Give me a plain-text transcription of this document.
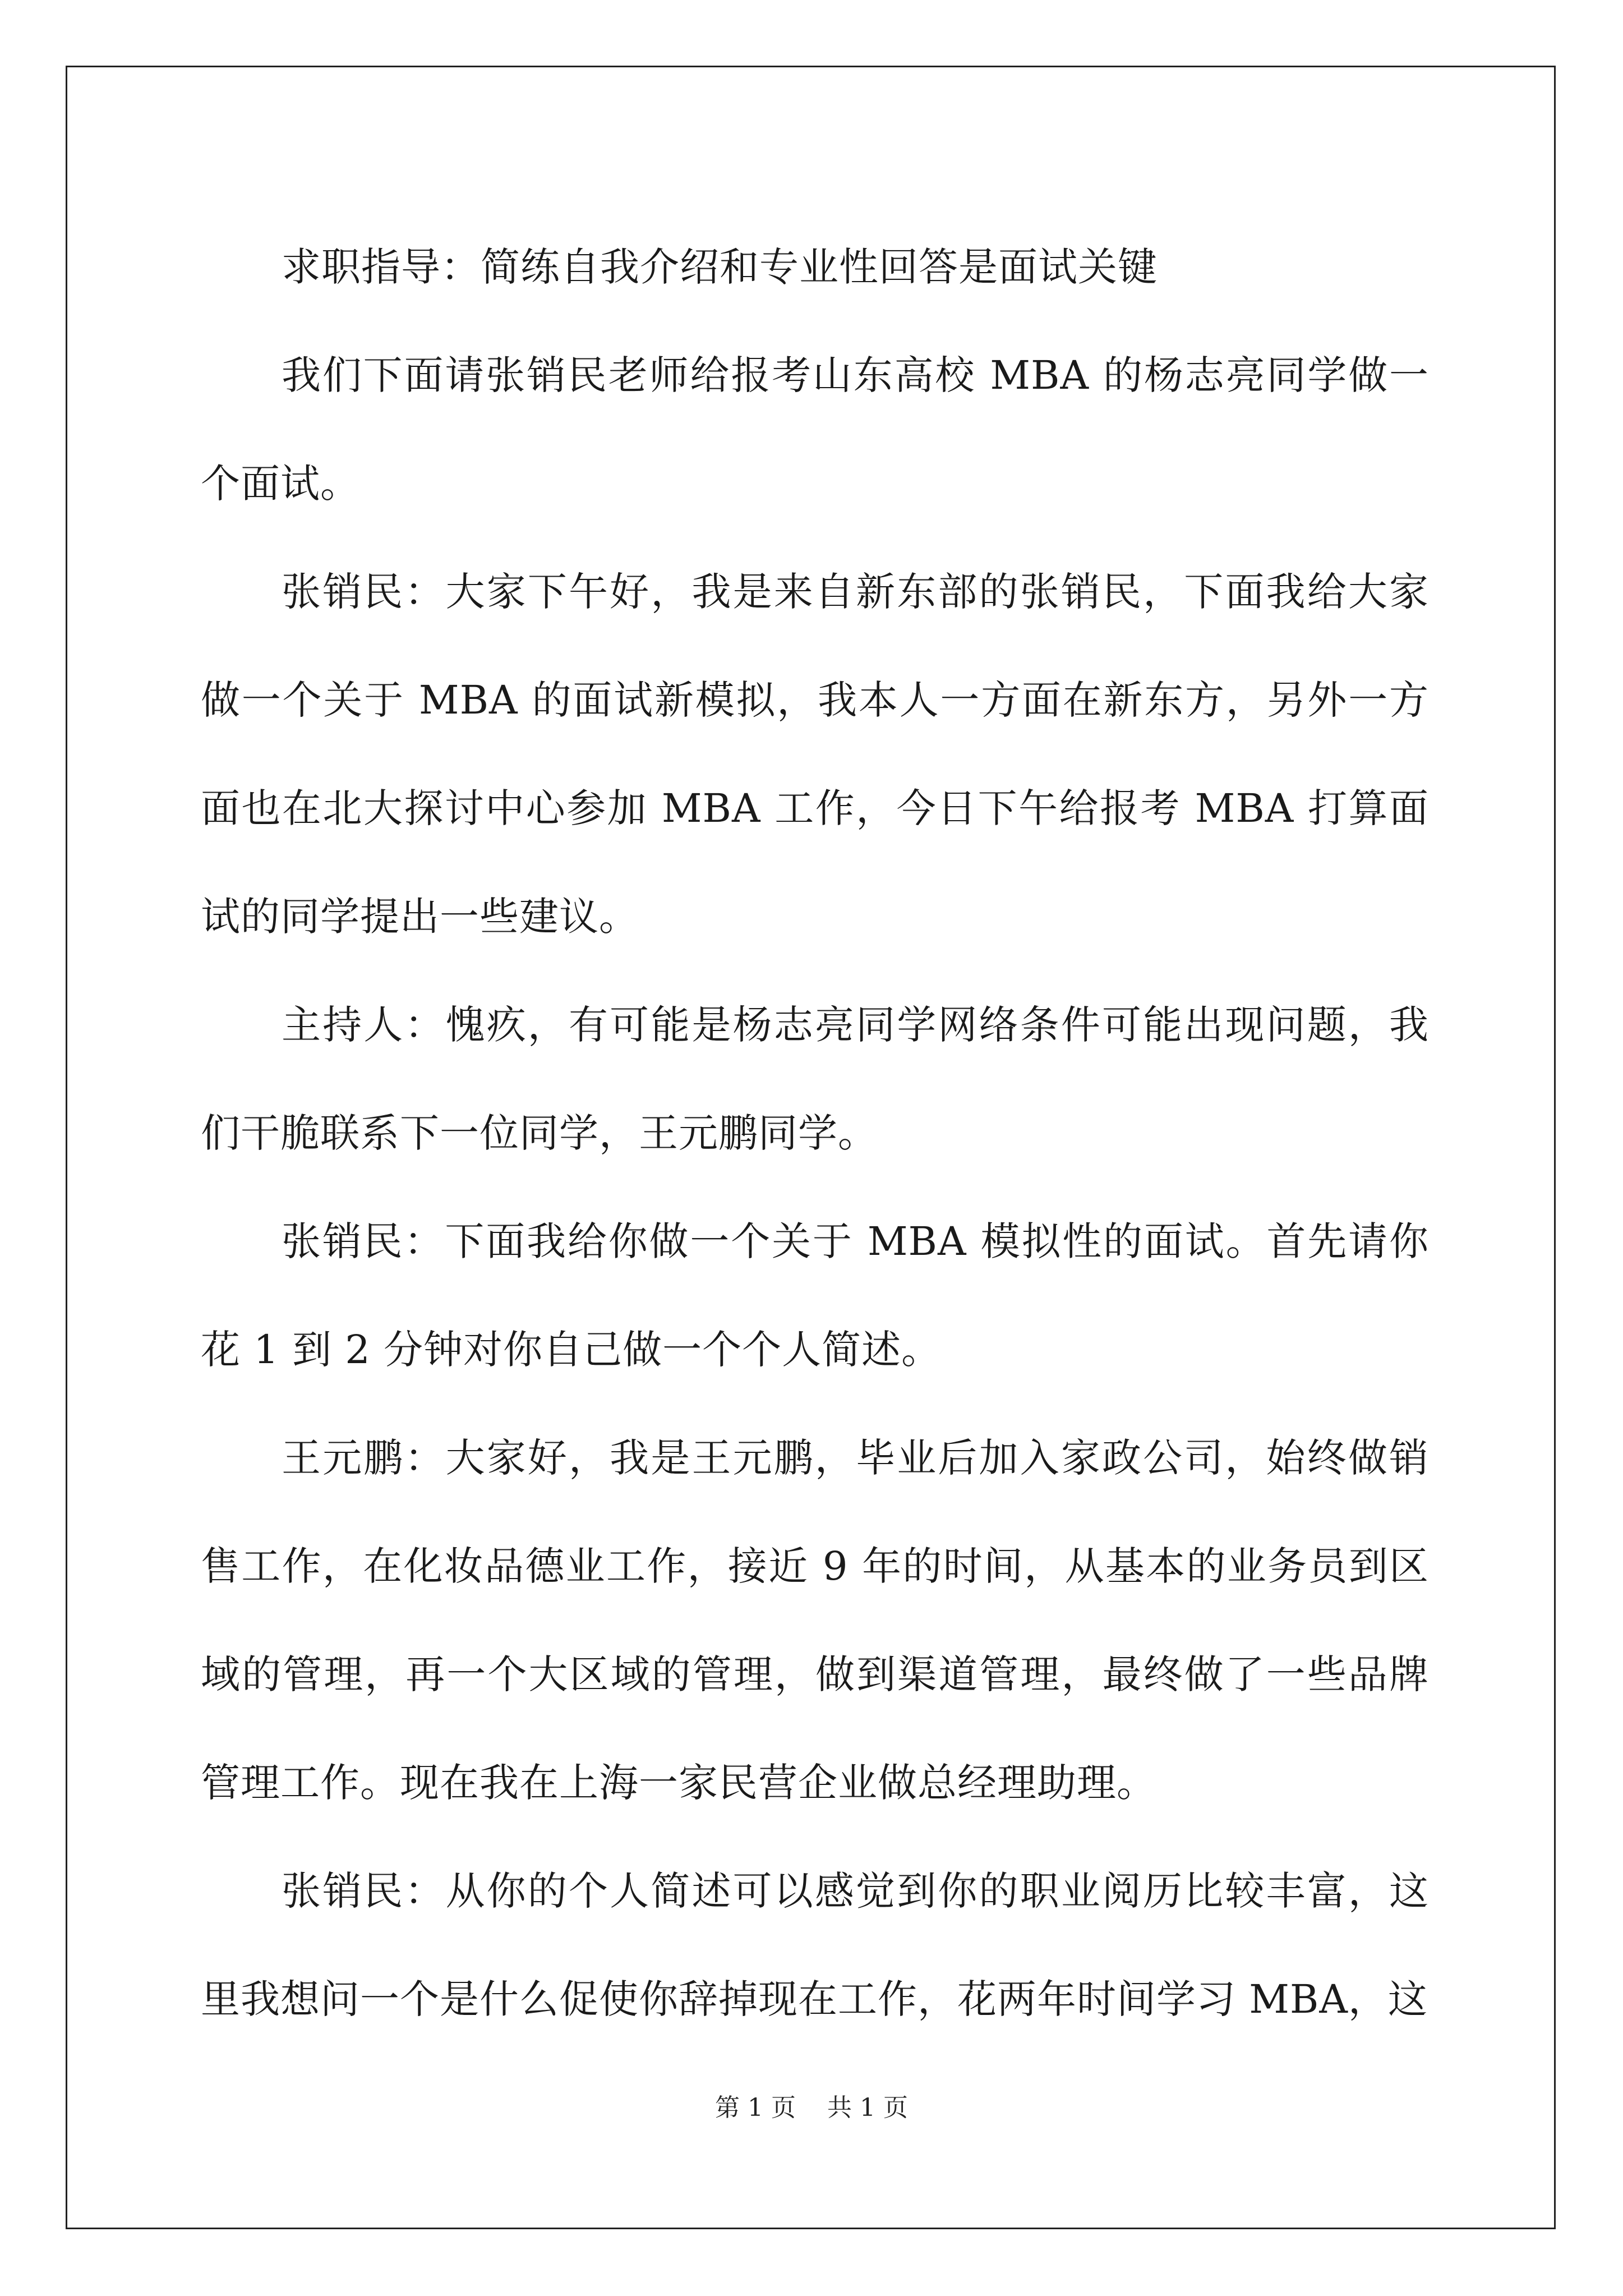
求职指导：简练自我介绍和专业性回答是面试关键

我们下面请张销民老师给报考山东高校 MBA 的杨志亮同学做一个面试。

张销民：大家下午好，我是来自新东部的张销民，下面我给大家做一个关于 MBA 的面试新模拟，我本人一方面在新东方，另外一方面也在北大探讨中心参加 MBA 工作，今日下午给报考 MBA 打算面试的同学提出一些建议。

主持人：愧疚，有可能是杨志亮同学网络条件可能出现问题，我们干脆联系下一位同学，王元鹏同学。

张销民：下面我给你做一个关于 MBA 模拟性的面试。首先请你花 1 到 2 分钟对你自己做一个个人简述。

王元鹏：大家好，我是王元鹏，毕业后加入家政公司，始终做销售工作，在化妆品德业工作，接近 9 年的时间，从基本的业务员到区域的管理，再一个大区域的管理，做到渠道管理，最终做了一些品牌管理工作。现在我在上海一家民营企业做总经理助理。

张销民：从你的个人简述可以感觉到你的职业阅历比较丰富，这里我想问一个是什么促使你辞掉现在工作，花两年时间学习 MBA，这

第 1 页 共 1 页
